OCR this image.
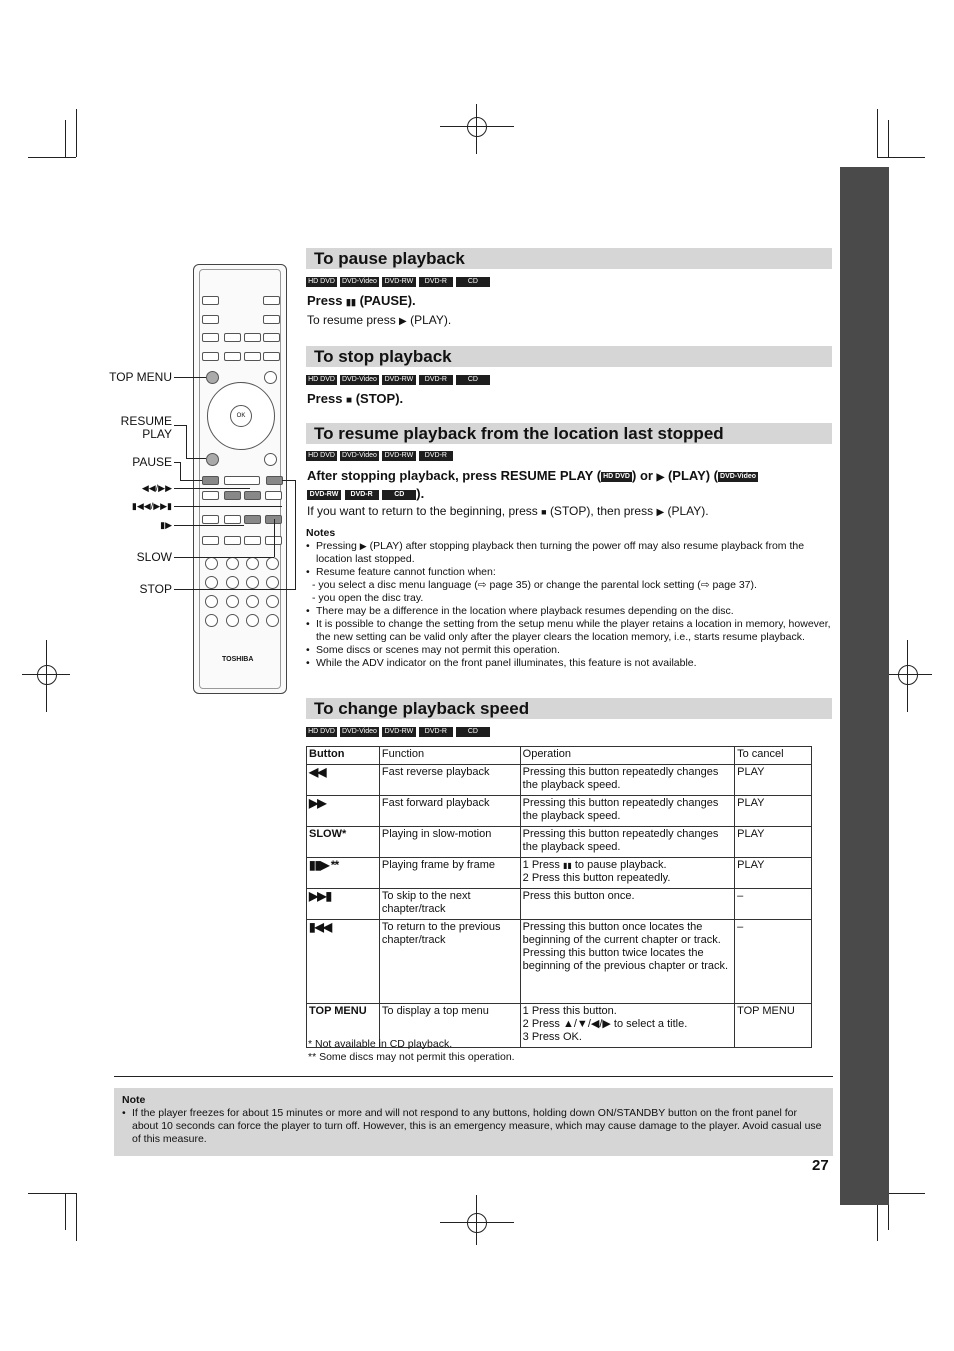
OK
TOSHIBA
TOP MENU
RESUME
PLAY
PAUSE
◀◀/▶▶
▮◀◀/▶▶▮
▮▶
SLOW
STOP
To pause playback
HD DVD DVD-Video	DVD-RW	DVD-R	CD
Press ▮▮ (PAUSE).
To resume press ▶ (PLAY).
To stop playback
HD DVD DVD-Video	DVD-RW	DVD-R	CD
Press ■ (STOP).
To resume playback from the location last stopped
HD DVD DVD-Video	DVD-RW	DVD-R
After stopping playback, press RESUME PLAY ( HD DVD ) or ▶ (PLAY) ( DVD-Video
DVD-RW DVD-R	CD ).
If you want to return to the beginning, press ■ (STOP), then press ▶ (PLAY).
Notes
• Pressing ▶ (PLAY) after stopping playback then turning the power off may also resume playback from the location last stopped.
• Resume feature cannot function when:
- you select a disc menu language (⇨ page 35) or change the parental lock setting (⇨ page 37).
- you open the disc tray.
• There may be a difference in the location where playback resumes depending on the disc.
• It is possible to change the setting from the setup menu while the player retains a location in memory, however, the new setting can be valid only after the player clears the location memory, i.e., starts resume playback.
• Some discs or scenes may not permit this operation.
• While the ADV indicator on the front panel illuminates, this feature is not available.
To change playback speed
HD DVD DVD-Video	DVD-RW	DVD-R	CD
Button	Function	Operation	To cancel
◀◀	Fast reverse playback	Pressing this button repeatedly changes the playback speed.	PLAY
▶▶	Fast forward playback	Pressing this button repeatedly changes the playback speed.	PLAY
SLOW*	Playing in slow-motion	Pressing this button repeatedly changes the playback speed.	PLAY
▮▮▶ **	Playing frame by frame	1 Press ▮▮ to pause playback.
2 Press this button repeatedly.	PLAY
▶▶▮	To skip to the next chapter/track	Press this button once.	–
▮◀◀	To return to the previous chapter/track	Pressing this button once locates the beginning of the current chapter or track.
Pressing this button twice locates the beginning of the previous chapter or track.	–
TOP MENU	To display a top menu	1 Press this button.
2 Press ▲/▼/◀/▶ to select a title.
3 Press OK.	TOP MENU
* Not available in CD playback.
** Some discs may not permit this operation.
Note
• If the player freezes for about 15 minutes or more and will not respond to any buttons, holding down ON/STANDBY button on the front panel for about 10 seconds can force the player to turn off. However, this is an emergency measure, which may cause damage to the player. Avoid casual use of this measure.
27
